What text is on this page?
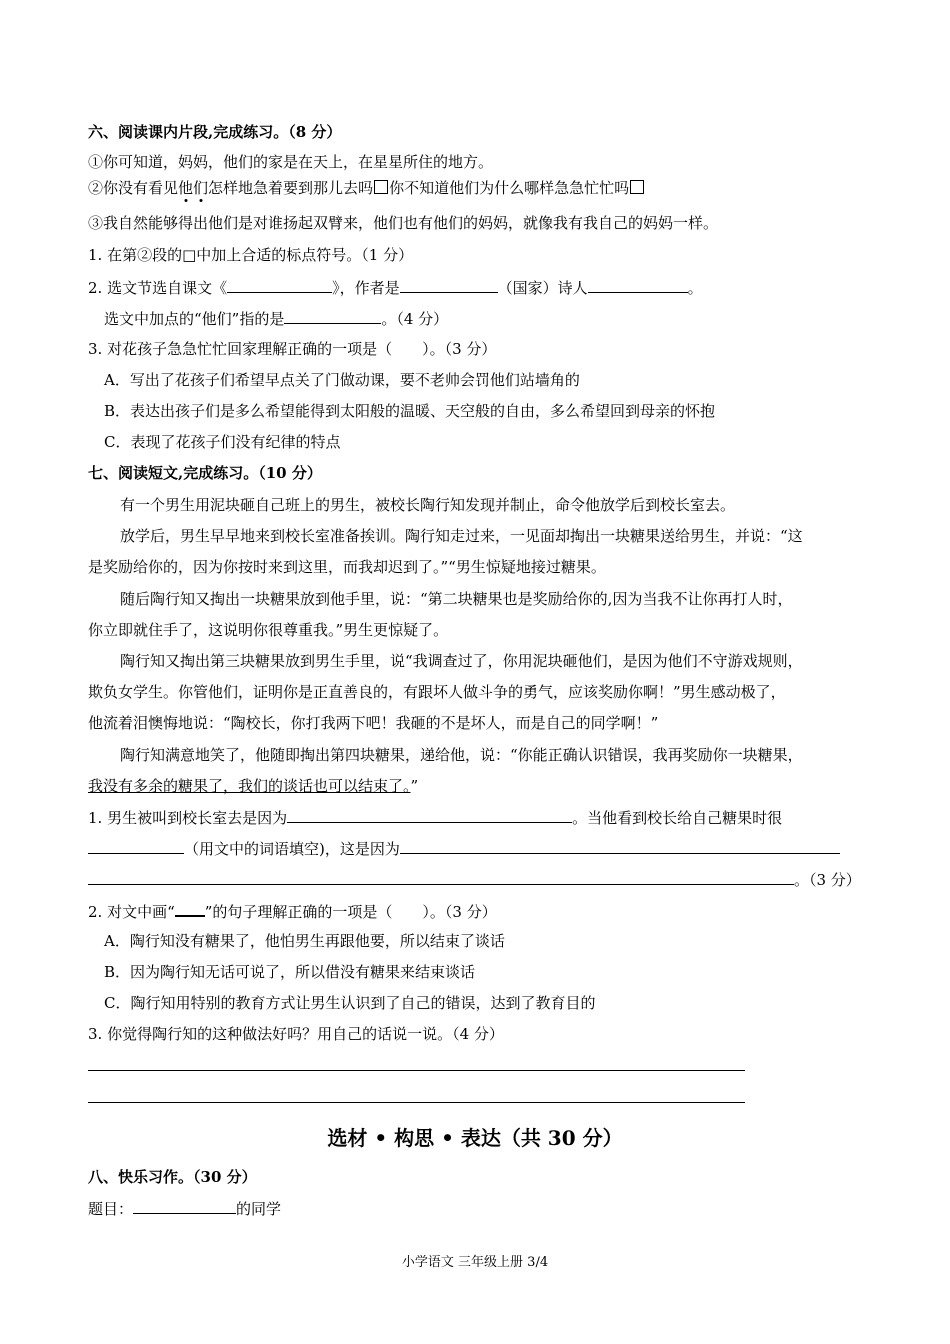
六、阅读课内片段,完成练习。（8 分）
①你可知道，妈妈，他们的家是在天上，在星星所住的地方。
②你没有看见他们怎样地急着要到那儿去吗 你不知道他们为什么哪样急急忙忙吗
③我自然能够得出他们是对谁扬起双臂来，他们也有他们的妈妈，就像我有我自己的妈妈一样。
1. 在第②段的□中加上合适的标点符号。（1 分）
2. 选文节选自课文《	》，作者是	（国家）诗人	。
选文中加点的“他们”指的是	。（4 分）
3. 对花孩子急急忙忙回家理解正确的一项是（　　）。（3 分）
A．写出了花孩子们希望早点关了门做动课，要不老帅会罚他们站墙角的
B．表达出孩子们是多么希望能得到太阳般的温暖、天空般的自由，多么希望回到母亲的怀抱
C．表现了花孩子们没有纪律的特点
七、阅读短文,完成练习。（10 分）
有一个男生用泥块砸自己班上的男生，被校长陶行知发现并制止，命令他放学后到校长室去。
放学后，男生早早地来到校长室准备挨训。陶行知走过来，一见面却掏出一块糖果送给男生，并说：“这
是奖励给你的，因为你按时来到这里，而我却迟到了。”“男生惊疑地接过糖果。
随后陶行知又掏出一块糖果放到他手里，说：“第二块糖果也是奖励给你的,因为当我不让你再打人时，
你立即就住手了，这说明你很尊重我。”男生更惊疑了。
陶行知又掏出第三块糖果放到男生手里，说“我调查过了，你用泥块砸他们，是因为他们不守游戏规则，
欺负女学生。你管他们，证明你是正直善良的，有跟坏人做斗争的勇气，应该奖励你啊！”男生感动极了，
他流着泪懊悔地说：“陶校长，你打我两下吧！我砸的不是坏人，而是自己的同学啊！”
陶行知满意地笑了，他随即掏出第四块糖果，递给他，说：“你能正确认识错误，我再奖励你一块糖果，
我没有多余的糖果了，我们的谈话也可以结束了。”
1. 男生被叫到校长室去是因为	。当他看到校长给自己糖果时很
（用文中的词语填空)，这是因为
。（3 分）
2. 对文中画“ ”的句子理解正确的一项是（　　）。（3 分）
A．陶行知没有糖果了，他怕男生再跟他要，所以结束了谈话
B．因为陶行知无话可说了，所以借没有糖果来结束谈话
C．陶行知用特别的教育方式让男生认识到了自己的错误，达到了教育目的
3. 你觉得陶行知的这种做法好吗？用自己的话说一说。（4 分）
选材 • 构思 • 表达（共 30 分）
八、快乐习作。（30 分）
题目：	的同学
小学语文 三年级上册 3/4
